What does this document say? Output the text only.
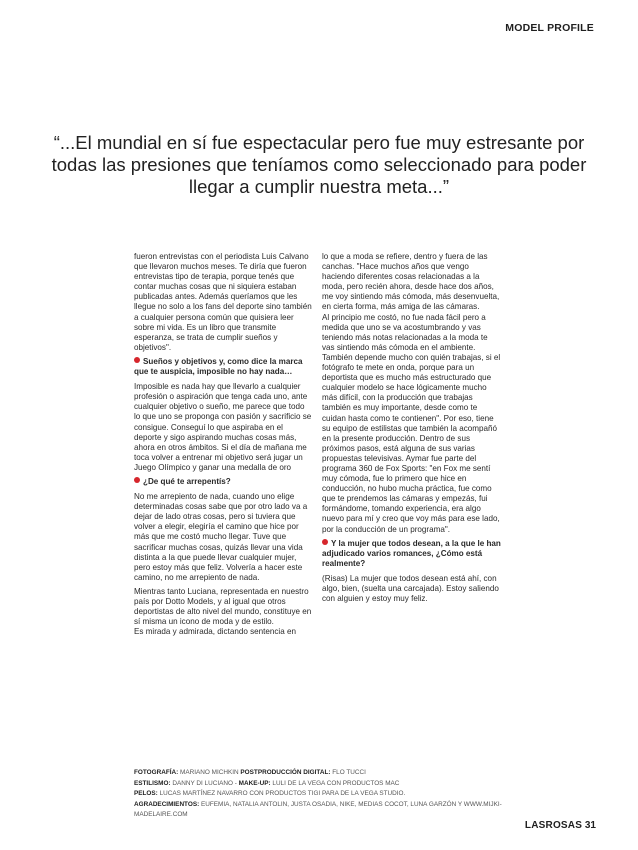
MODEL PROFILE
“...El mundial en sí fue espectacular pero fue muy estresante por todas las presiones que teníamos como seleccionado para poder llegar a cumplir nuestra meta...”

fueron entrevistas con el periodista Luis Calvano que llevaron muchos meses. Te diría que fueron entrevistas tipo de terapia, porque tenés que contar muchas cosas que ni siquiera estaban publicadas antes. Además queríamos que les llegue no solo a los fans del deporte sino también a cualquier persona común que quisiera leer sobre mi vida. Es un libro que transmite esperanza, se trata de cumplir sueños y objetivos".

Sueños y objetivos y, como dice la marca que te auspicia, imposible no hay nada…

Imposible es nada hay que llevarlo a cualquier profesión o aspiración que tenga cada uno, ante cualquier objetivo o sueño, me parece que todo lo que uno se proponga con pasión y sacrificio se consigue. Conseguí lo que aspiraba en el deporte y sigo aspirando muchas cosas más, ahora en otros ámbitos. Si el día de mañana me toca volver a entrenar mi objetivo será jugar un Juego Olímpico y ganar una medalla de oro

¿De qué te arrepentís?

No me arrepiento de nada, cuando uno elige determinadas cosas sabe que por otro lado va a dejar de lado otras cosas, pero si tuviera que volver a elegir, elegiría el camino que hice por más que me costó mucho llegar. Tuve que sacrificar muchas cosas, quizás llevar una vida distinta a la que puede llevar cualquier mujer, pero estoy más que feliz. Volvería a hacer este camino, no me arrepiento de nada.

Mientras tanto Luciana, representada en nuestro país por Dotto Models, y al igual que otros deportistas de alto nivel del mundo, constituye en sí misma un icono de moda y de estilo.

Es mirada y admirada, dictando sentencia en

lo que a moda se refiere, dentro y fuera de las canchas. "Hace muchos años que vengo haciendo diferentes cosas relacionadas a la moda, pero recién ahora, desde hace dos años, me voy sintiendo más cómoda, más desenvuelta, en cierta forma, más amiga de las cámaras.

Al principio me costó, no fue nada fácil pero a medida que uno se va acostumbrando y vas teniendo más notas relacionadas a la moda te vas sintiendo más cómoda en el ambiente. También depende mucho con quién trabajas, si el fotógrafo te mete en onda, porque para un deportista que es mucho más estructurado que cualquier modelo se hace lógicamente mucho más difícil, con la producción que trabajas también es muy importante, desde como te cuidan hasta como te contienen". Por eso, tiene su equipo de estilistas que también la acompañó en la presente producción. Dentro de sus próximos pasos, está alguna de sus varias propuestas televisivas. Aymar fue parte del programa 360 de Fox Sports: "en Fox me sentí muy cómoda, fue lo primero que hice en conducción, no hubo mucha práctica, fue como que te prendemos las cámaras y empezás, fui formándome, tomando experiencia, era algo nuevo para mí y creo que voy más para ese lado, por la conducción de un programa".

Y la mujer que todos desean, a la que le han adjudicado varios romances, ¿Cómo está realmente?

(Risas) La mujer que todos desean está ahí, con algo, bien, (suelta una carcajada). Estoy saliendo con alguien y estoy muy feliz.

FOTOGRAFÍA: MARIANO MICHKIN POSTPRODUCCIÓN DIGITAL: FLO TUCCI
ESTILISMO: DANNY DI LUCIANO - MAKE-UP: LULI DE LA VEGA CON PRODUCTOS MAC
PELOS: LUCAS MARTÍNEZ NAVARRO CON PRODUCTOS TIGI PARA DE LA VEGA STUDIO.
AGRADECIMIENTOS: EUFEMIA, NATALIA ANTOLIN, JUSTA OSADIA, NIKE, MEDIAS COCOT, LUNA GARZÓN Y WWW.MIJKI-MADELAIRE.COM
LASROSAS 31
